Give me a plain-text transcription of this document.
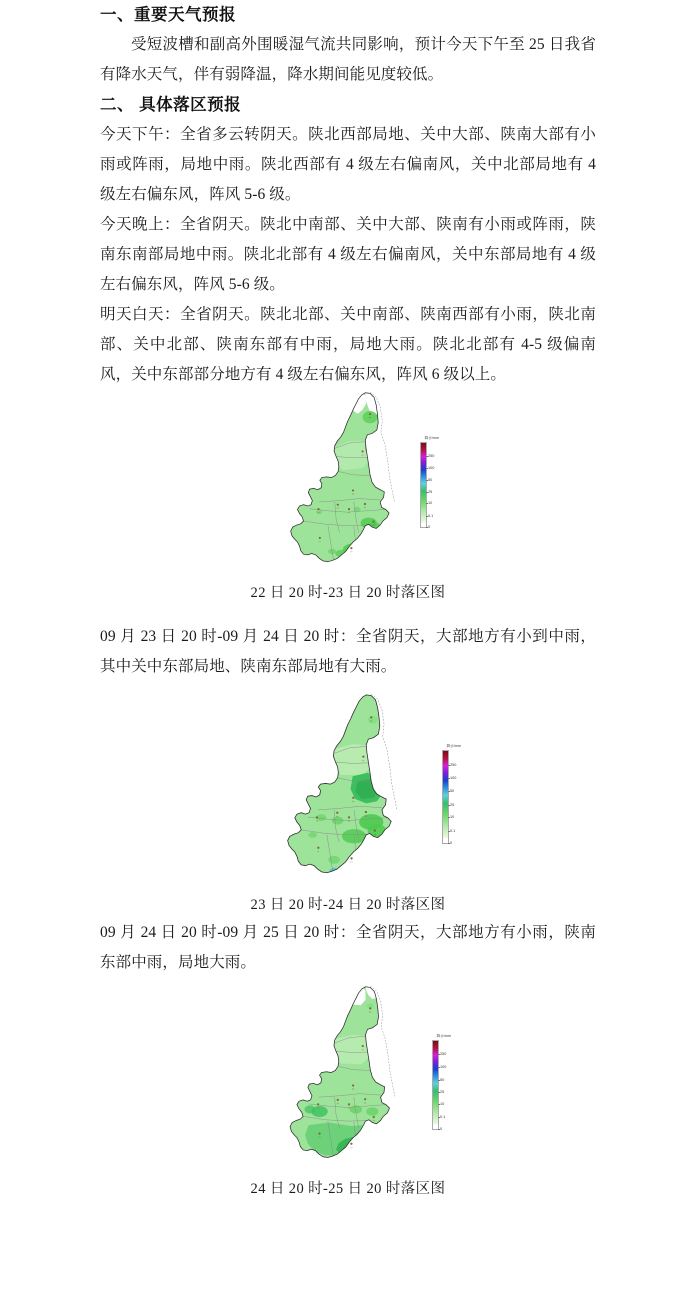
一、重要天气预报

受短波槽和副高外围暖湿气流共同影响，预计今天下午至 25 日我省有降水天气，伴有弱降温，降水期间能见度较低。

二、 具体落区预报

今天下午：全省多云转阴天。陕北西部局地、关中大部、陕南大部有小雨或阵雨，局地中雨。陕北西部有 4 级左右偏南风，关中北部局地有 4 级左右偏东风，阵风 5-6 级。

今天晚上：全省阴天。陕北中南部、关中大部、陕南有小雨或阵雨，陕南东南部局地中雨。陕北北部有 4 级左右偏南风，关中东部局地有 4 级左右偏东风，阵风 5-6 级。

明天白天：全省阴天。陕北北部、关中南部、陕南西部有小雨，陕北南部、关中北部、陕南东部有中雨，局地大雨。陕北北部有 4-5 级偏南风，关中东部部分地方有 4 级左右偏东风，阵风 6 级以上。

榆林
延安
铜川
宝鸡
咸阳
西安
渭南
商洛
汉中
安康
降水/mm
250
100
50
25
10
0.1
0
22 日 20 时-23 日 20 时落区图

09 月 23 日 20 时-09 月 24 日 20 时：全省阴天，大部地方有小到中雨，其中关中东部局地、陕南东部局地有大雨。

榆林
延安
铜川
宝鸡
咸阳
西安
渭南
商洛
汉中
安康
降水/mm
250
100
50
25
10
0.1
0
23 日 20 时-24 日 20 时落区图

09 月 24 日 20 时-09 月 25 日 20 时：全省阴天，大部地方有小雨，陕南东部中雨，局地大雨。

榆林
延安
铜川
宝鸡
咸阳
西安
渭南
商洛
汉中
安康
降水/mm
250
100
50
25
10
0.1
0
24 日 20 时-25 日 20 时落区图
